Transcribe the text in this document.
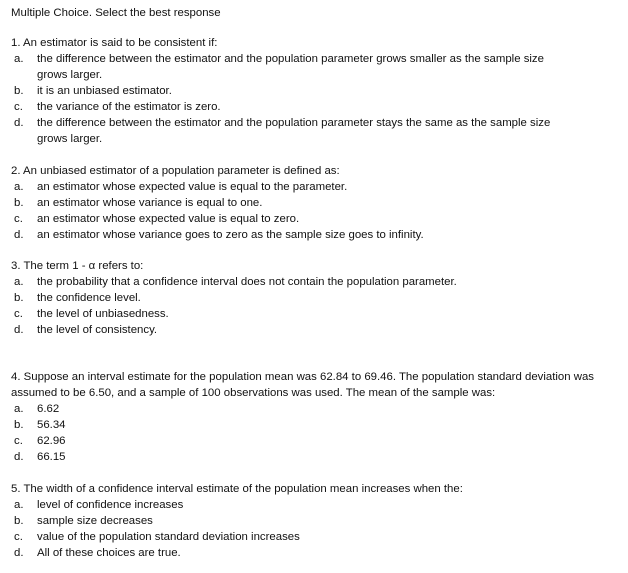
Multiple Choice. Select the best response
1. An estimator is said to be consistent if:
a.	the difference between the estimator and the population parameter grows smaller as the sample size grows larger.
b.	it is an unbiased estimator.
c.	the variance of the estimator is zero.
d.	the difference between the estimator and the population parameter stays the same as the sample size grows larger.
2. An unbiased estimator of a population parameter is defined as:
a.	an estimator whose expected value is equal to the parameter.
b.	an estimator whose variance is equal to one.
c.	an estimator whose expected value is equal to zero.
d.	an estimator whose variance goes to zero as the sample size goes to infinity.
3. The term 1 - α refers to:
a.	the probability that a confidence interval does not contain the population parameter.
b.	the confidence level.
c.	the level of unbiasedness.
d.	the level of consistency.
4. Suppose an interval estimate for the population mean was 62.84 to 69.46. The population standard deviation was assumed to be 6.50, and a sample of 100 observations was used. The mean of the sample was:
a.	6.62
b.	56.34
c.	62.96
d.	66.15
5. The width of a confidence interval estimate of the population mean increases when the:
a.	level of confidence increases
b.	sample size decreases
c.	value of the population standard deviation increases
d.	All of these choices are true.
